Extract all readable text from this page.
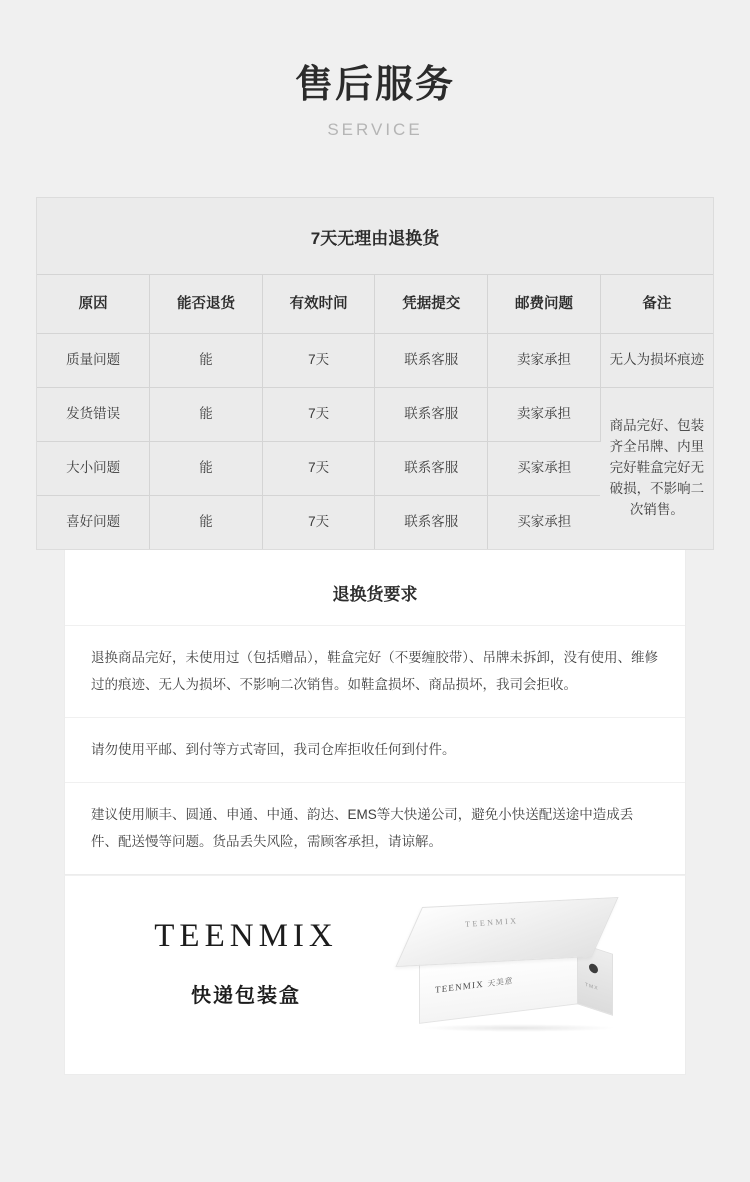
售后服务
SERVICE
7天无理由退换货
原因	能否退货	有效时间	凭据提交	邮费问题	备注
质量问题	能	7天	联系客服	卖家承担	无人为损坏痕迹
发货错误	能	7天	联系客服	卖家承担	商品完好、包装齐全吊牌、内里完好鞋盒完好无破损，不影响二次销售。
大小问题	能	7天	联系客服	买家承担	
喜好问题	能	7天	联系客服	买家承担	
退换货要求
退换商品完好，未使用过（包括赠品），鞋盒完好（不要缠胶带）、吊牌未拆卸，没有使用、维修过的痕迹、无人为损坏、不影响二次销售。如鞋盒损坏、商品损坏，我司会拒收。
请勿使用平邮、到付等方式寄回，我司仓库拒收任何到付件。
建议使用顺丰、圆通、申通、中通、韵达、EMS等大快递公司，避免小快送配送途中造成丢件、配送慢等问题。货品丢失风险，需顾客承担，请谅解。
TEENMIX
快递包装盒
TEENMIX
TEENMIX 天美意	TMX
